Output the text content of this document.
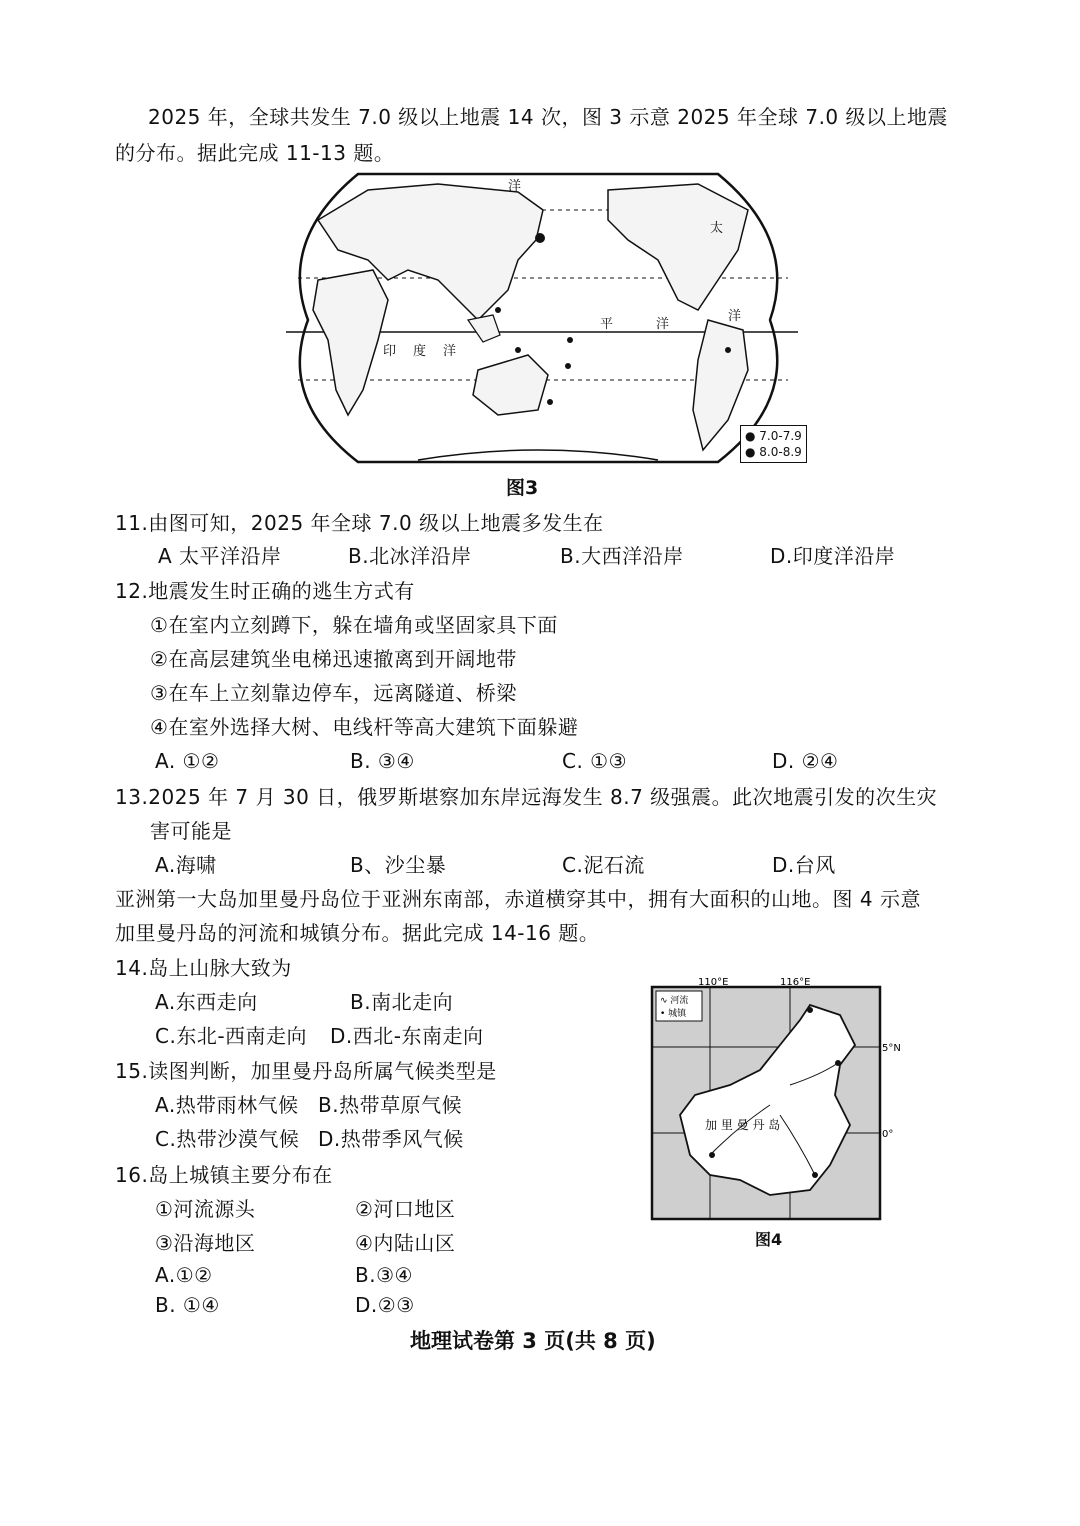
2025 年，全球共发生 7.0 级以上地震 14 次，图 3 示意 2025 年全球 7.0 级以上地震
的分布。据此完成 11-13 题。
洋
太
平	洋
洋
印 度 洋
● 7.0-7.9
● 8.0-8.9
图3
11.由图可知，2025 年全球 7.0 级以上地震多发生在
A 太平洋沿岸	B.北冰洋沿岸	B.大西洋沿岸	D.印度洋沿岸
12.地震发生时正确的逃生方式有
①在室内立刻蹲下，躲在墙角或坚固家具下面
②在高层建筑坐电梯迅速撤离到开阔地带
③在车上立刻靠边停车，远离隧道、桥梁
④在室外选择大树、电线杆等高大建筑下面躲避
A. ①②	B. ③④	C. ①③	D. ②④
13.2025 年 7 月 30 日，俄罗斯堪察加东岸远海发生 8.7 级强震。此次地震引发的次生灾
害可能是
A.海啸	B、沙尘暴	C.泥石流	D.台风
亚洲第一大岛加里曼丹岛位于亚洲东南部，赤道横穿其中，拥有大面积的山地。图 4 示意
加里曼丹岛的河流和城镇分布。据此完成 14-16 题。
14.岛上山脉大致为
A.东西走向	B.南北走向
C.东北-西南走向 D.西北-东南走向
15.读图判断，加里曼丹岛所属气候类型是
A.热带雨林气候 B.热带草原气候
C.热带沙漠气候 D.热带季风气候
16.岛上城镇主要分布在
①河流源头	②河口地区
③沿海地区	④内陆山区
A.①②	B.③④
B. ①④	D.②③
110°E	116°E
5°N
0°
加 里 曼 丹 岛
∿ 河流
• 城镇
图4
地理试卷第 3 页(共 8 页)
